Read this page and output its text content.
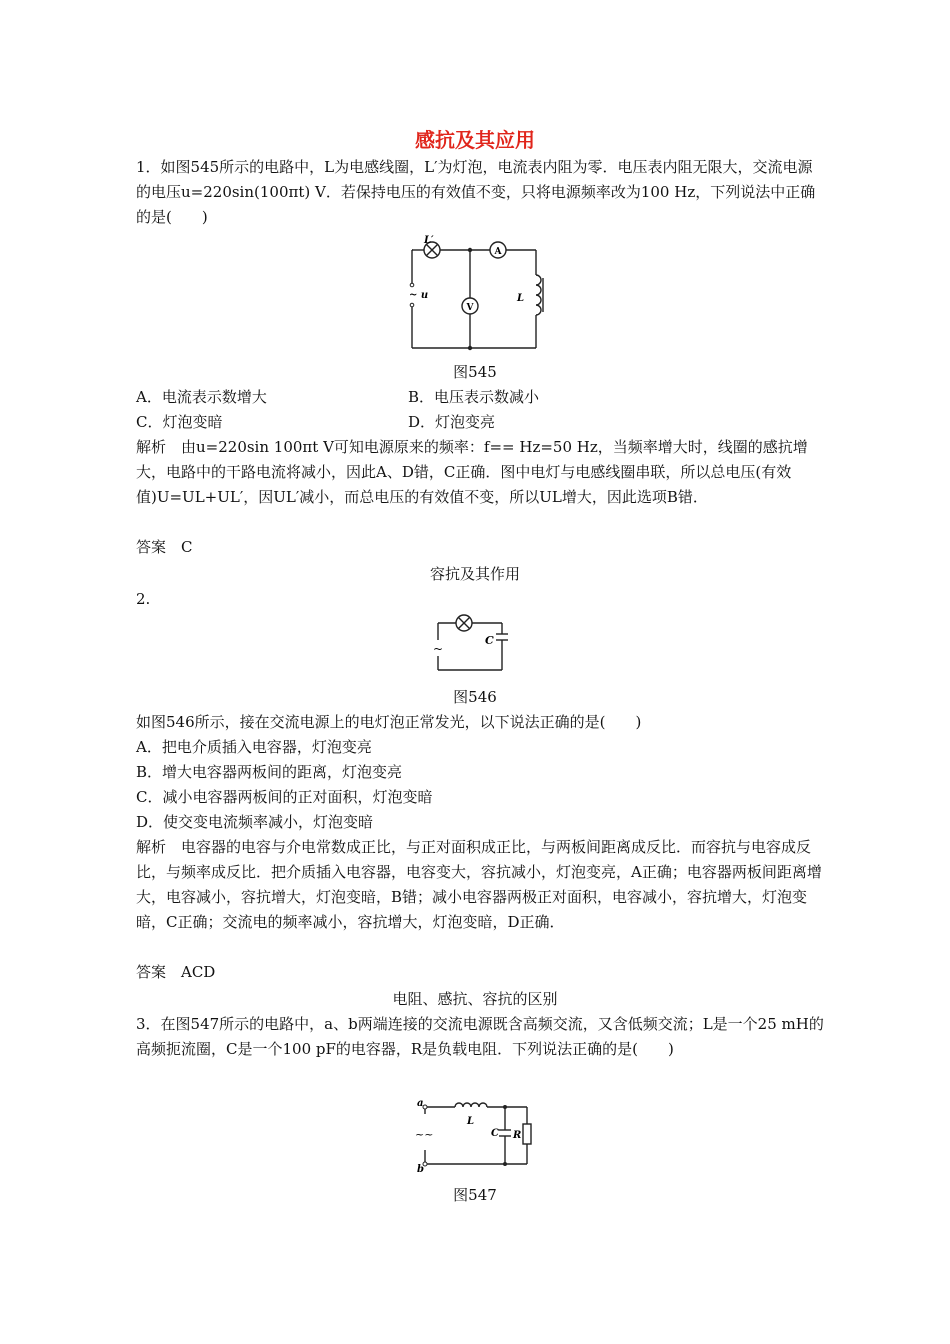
感抗及其应用
1．如图545所示的电路中，L为电感线圈，L′为灯泡，电流表内阻为零．电压表内阻无限大，交流电源的电压u=220sin(100πt) V．若保持电压的有效值不变，只将电源频率改为100 Hz，下列说法中正确的是(　　)
L′
A
V
~ u	L
图545
A．电流表示数增大	B．电压表示数减小
C．灯泡变暗	D．灯泡变亮
解析　由u=220sin 100πt V可知电源原来的频率：f== Hz=50 Hz，当频率增大时，线圈的感抗增大，电路中的干路电流将减小，因此A、D错，C正确．图中电灯与电感线圈串联，所以总电压(有效值)U=UL+UL′，因UL′减小，而总电压的有效值不变，所以UL增大，因此选项B错．
答案　C
容抗及其作用
2.
C
~
图546
如图546所示，接在交流电源上的电灯泡正常发光，以下说法正确的是(　　)
A．把电介质插入电容器，灯泡变亮
B．增大电容器两板间的距离，灯泡变亮
C．减小电容器两板间的正对面积，灯泡变暗
D．使交变电流频率减小，灯泡变暗
解析　电容器的电容与介电常数成正比，与正对面积成正比，与两板间距离成反比．而容抗与电容成反比，与频率成反比．把介质插入电容器，电容变大，容抗减小，灯泡变亮，A正确；电容器两板间距离增大，电容减小，容抗增大，灯泡变暗，B错；减小电容器两极正对面积，电容减小，容抗增大，灯泡变暗，C正确；交流电的频率减小，容抗增大，灯泡变暗，D正确．
答案　ACD
电阻、感抗、容抗的区别
3．在图547所示的电路中，a、b两端连接的交流电源既含高频交流，又含低频交流；L是一个25 mH的高频扼流圈，C是一个100 pF的电容器，R是负载电阻．下列说法正确的是(　　)
a
b
~~
L
C R
图547
